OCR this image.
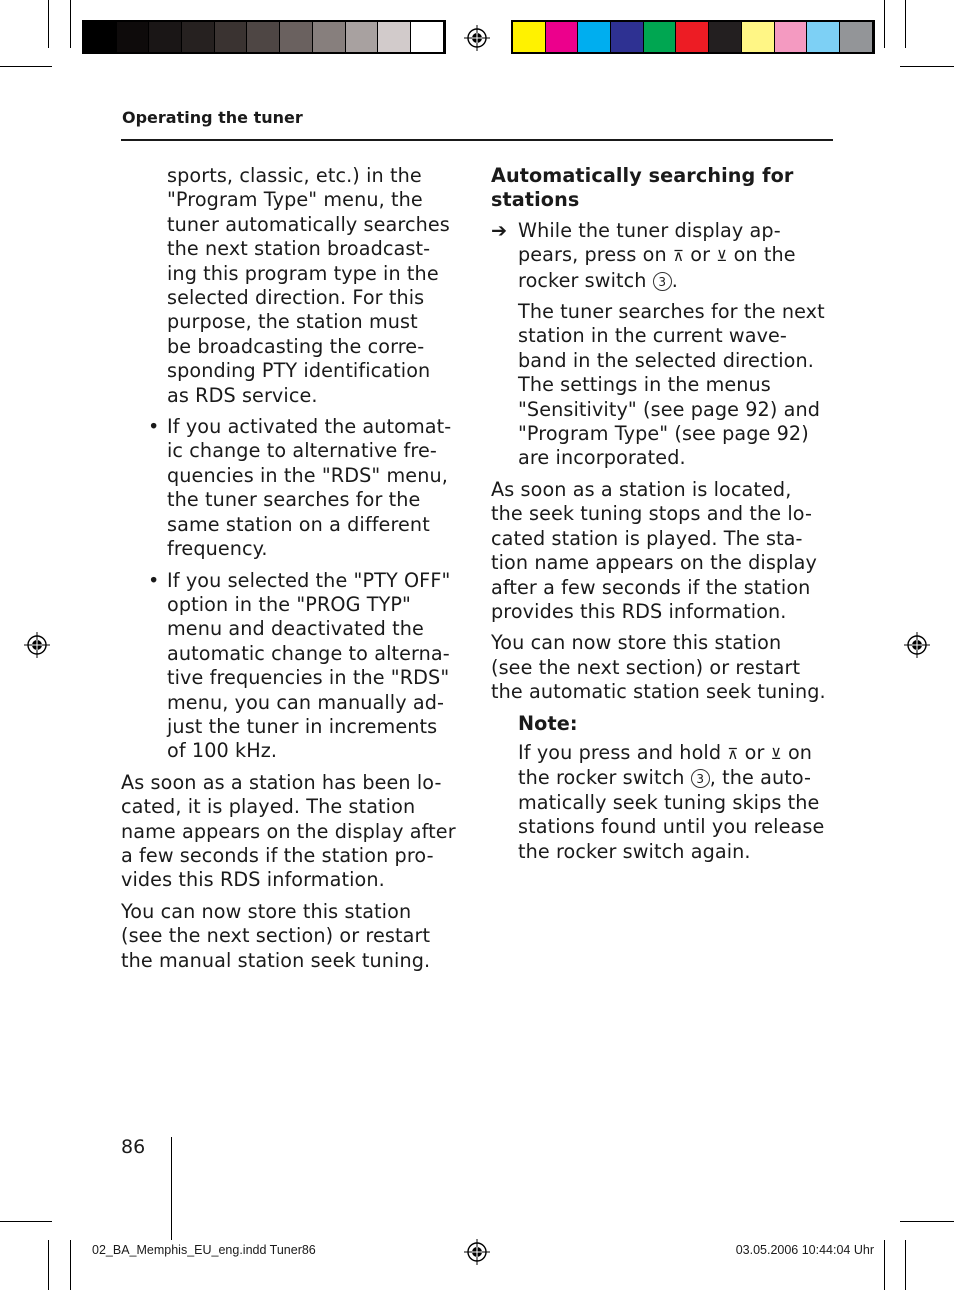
Operating the tuner

sports, classic, etc.) in the
"Program Type" menu, the
tuner automatically searches
the next station broadcast-
ing this program type in the
selected direction. For this
purpose, the station must
be broadcasting the corre-
sponding PTY identification
as RDS service.

• If you activated the automat-
ic change to alternative fre-
quencies in the "RDS" menu,
the tuner searches for the
same station on a different
frequency.
• If you selected the "PTY OFF"
option in the "PROG TYP"
menu and deactivated the
automatic change to alterna-
tive frequencies in the "RDS"
menu, you can manually ad-
just the tuner in increments
of 100 kHz.

As soon as a station has been lo-
cated, it is played. The station
name appears on the display after
a few seconds if the station pro-
vides this RDS information.

You can now store this station
(see the next section) or restart
the manual station seek tuning.

Automatically searching for
stations
➔ While the tuner display ap-
pears, press on ⊼ or ⊻ on the
rocker switch 3 .
The tuner searches for the next
station in the current wave-
band in the selected direction.
The settings in the menus
"Sensitivity" (see page 92) and
"Program Type" (see page 92)
are incorporated.

As soon as a station is located,
the seek tuning stops and the lo-
cated station is played. The sta-
tion name appears on the display
after a few seconds if the station
provides this RDS information.

You can now store this station
(see the next section) or restart
the automatic station seek tuning.

Note:
If you press and hold ⊼ or ⊻ on
the rocker switch 3 , the auto-
matically seek tuning skips the
stations found until you release
the rocker switch again.
86
02_BA_Memphis_EU_eng.indd Tuner86	03.05.2006 10:44:04 Uhr
